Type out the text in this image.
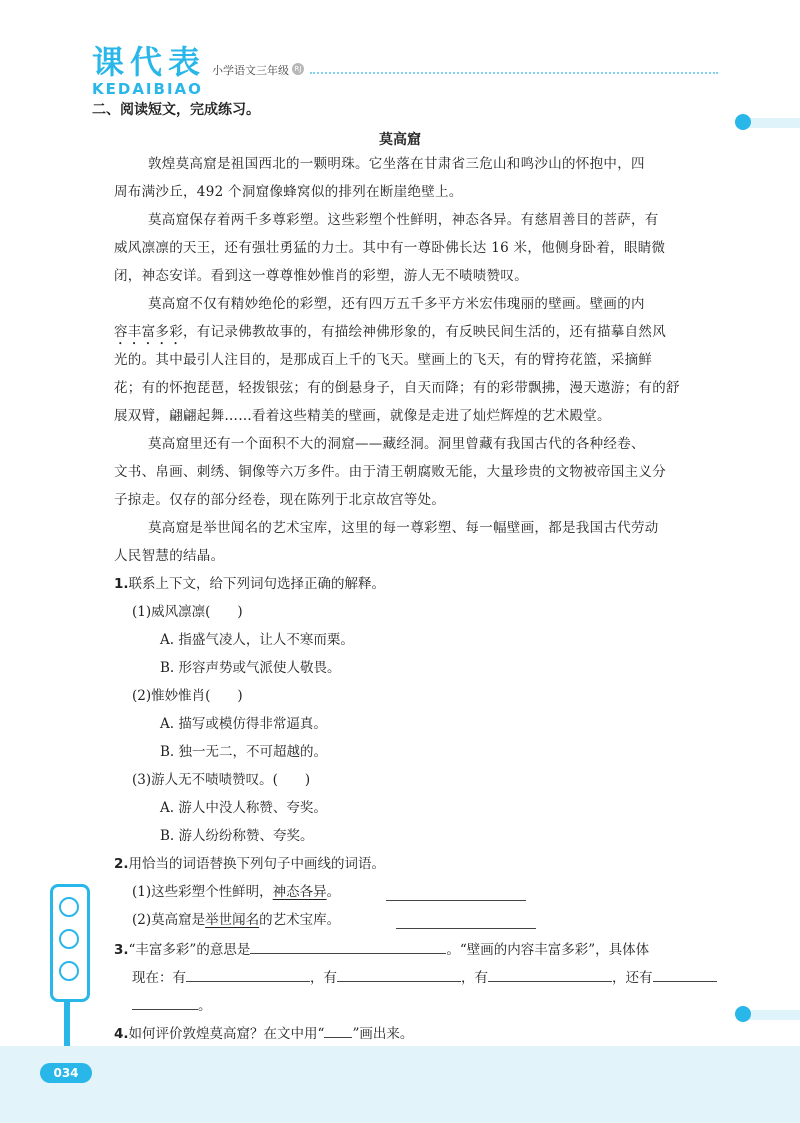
课代表
KEDAIBIAO
小学语文三年级 RJ
二、阅读短文，完成练习。
莫高窟
敦煌莫高窟是祖国西北的一颗明珠。它坐落在甘肃省三危山和鸣沙山的怀抱中，四
周布满沙丘，492 个洞窟像蜂窝似的排列在断崖绝壁上。
莫高窟保存着两千多尊彩塑。这些彩塑个性鲜明，神态各异。有慈眉善目的菩萨，有
威风凛凛的天王，还有强壮勇猛的力士。其中有一尊卧佛长达 16 米，他侧身卧着，眼睛微
闭，神态安详。看到这一尊尊惟妙惟肖的彩塑，游人无不啧啧赞叹。
莫高窟不仅有精妙绝伦的彩塑，还有四万五千多平方米宏伟瑰丽的壁画。壁画的内
容丰富多彩，有记录佛教故事的，有描绘神佛形象的，有反映民间生活的，还有描摹自然风
光的。其中最引人注目的，是那成百上千的飞天。壁画上的飞天，有的臂挎花篮，采摘鲜
花；有的怀抱琵琶，轻拨银弦；有的倒悬身子，自天而降；有的彩带飘拂，漫天遨游；有的舒
展双臂，翩翩起舞……看着这些精美的壁画，就像是走进了灿烂辉煌的艺术殿堂。
莫高窟里还有一个面积不大的洞窟——藏经洞。洞里曾藏有我国古代的各种经卷、
文书、帛画、刺绣、铜像等六万多件。由于清王朝腐败无能，大量珍贵的文物被帝国主义分
子掠走。仅存的部分经卷，现在陈列于北京故宫等处。
莫高窟是举世闻名的艺术宝库，这里的每一尊彩塑、每一幅壁画，都是我国古代劳动
人民智慧的结晶。
1.联系上下文，给下列词句选择正确的解释。
(1)威风凛凛(　　)
A. 指盛气凌人，让人不寒而栗。
B. 形容声势或气派使人敬畏。
(2)惟妙惟肖(　　)
A. 描写或模仿得非常逼真。
B. 独一无二，不可超越的。
(3)游人无不啧啧赞叹。(　　)
A. 游人中没人称赞、夸奖。
B. 游人纷纷称赞、夸奖。
2.用恰当的词语替换下列句子中画线的词语。
(1)这些彩塑个性鲜明，神态各异。
(2)莫高窟是举世闻名的艺术宝库。
3.“丰富多彩”的意思是	。“壁画的内容丰富多彩”，具体体
现在：有	，有	，有	，还有
。
4.如何评价敦煌莫高窟？在文中用“ ”画出来。
034
